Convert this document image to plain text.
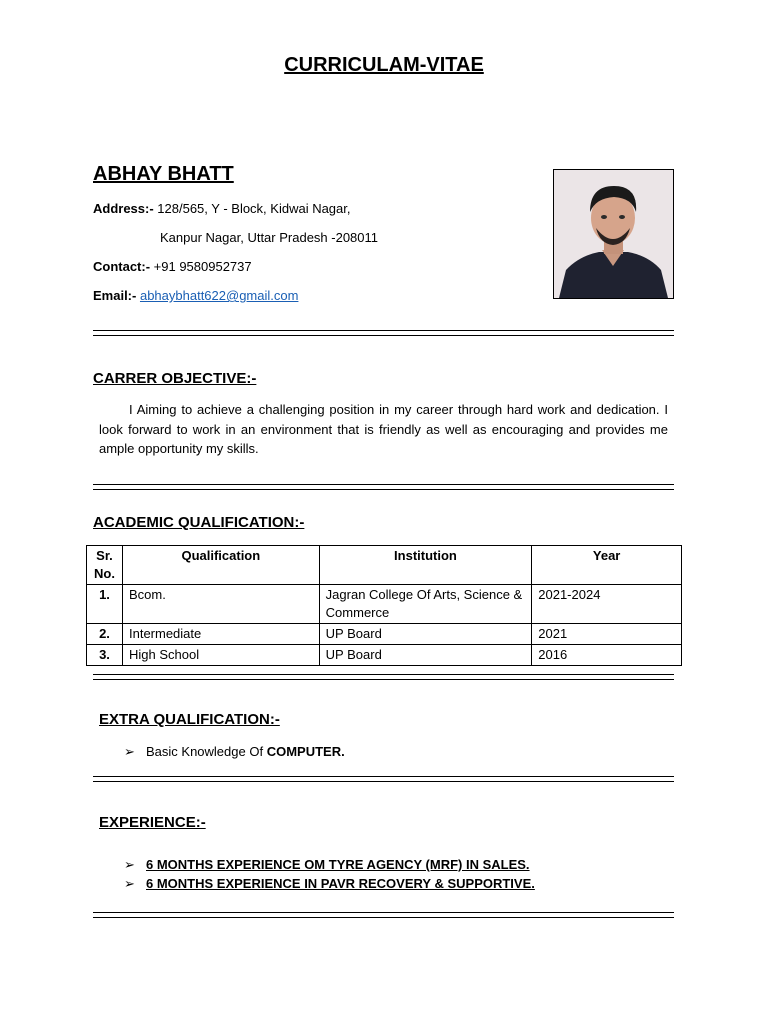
CURRICULAM-VITAE
ABHAY BHATT
Address:- 128/565, Y - Block, Kidwai Nagar,
Kanpur Nagar, Uttar Pradesh -208011
Contact:- +91 9580952737
Email:- abhaybhatt622@gmail.com
CARRER OBJECTIVE:-
I Aiming to achieve a challenging position in my career through hard work and dedication. I look forward to work in an environment that is friendly as well as encouraging and provides me ample opportunity my skills.
ACADEMIC QUALIFICATION:-
Sr. No.	Qualification	Institution	Year
1.	Bcom.	Jagran College Of Arts, Science & Commerce	2021-2024
2.	Intermediate	UP Board	2021
3.	High School	UP Board	2016
EXTRA QUALIFICATION:-
➢ Basic Knowledge Of COMPUTER.
EXPERIENCE:-
➢ 6 MONTHS EXPERIENCE OM TYRE AGENCY (MRF) IN SALES.
➢ 6 MONTHS EXPERIENCE IN PAVR RECOVERY & SUPPORTIVE.
